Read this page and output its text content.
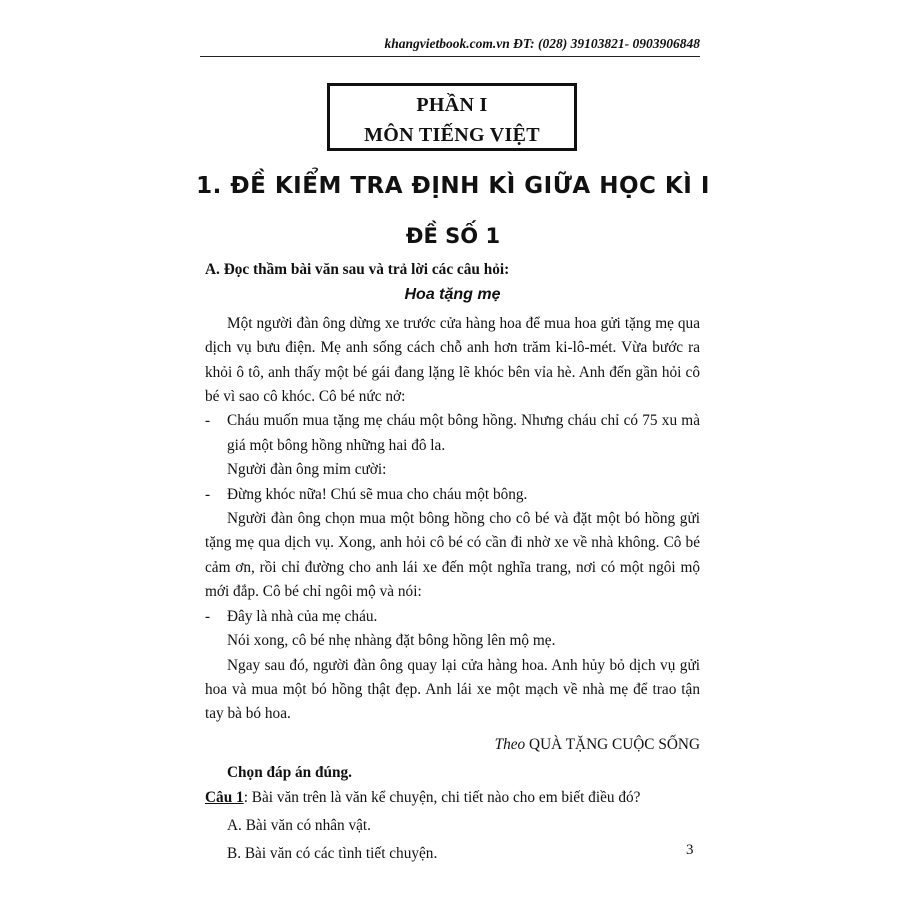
khangvietbook.com.vn ĐT: (028) 39103821- 0903906848
PHẦN I
MÔN TIẾNG VIỆT
1. ĐỀ KIỂM TRA ĐỊNH KÌ GIỮA HỌC KÌ I
ĐỀ SỐ 1

A. Đọc thầm bài văn sau và trả lời các câu hỏi:

Hoa tặng mẹ

Một người đàn ông dừng xe trước cửa hàng hoa để mua hoa gửi tặng mẹ qua dịch vụ bưu điện. Mẹ anh sống cách chỗ anh hơn trăm ki-lô-mét. Vừa bước ra khỏi ô tô, anh thấy một bé gái đang lặng lẽ khóc bên vỉa hè. Anh đến gần hỏi cô bé vì sao cô khóc. Cô bé nức nở:

-	Cháu muốn mua tặng mẹ cháu một bông hồng. Nhưng cháu chỉ có 75 xu mà giá một bông hồng những hai đô la.

Người đàn ông mỉm cười:

-	Đừng khóc nữa! Chú sẽ mua cho cháu một bông.

Người đàn ông chọn mua một bông hồng cho cô bé và đặt một bó hồng gửi tặng mẹ qua dịch vụ. Xong, anh hỏi cô bé có cần đi nhờ xe về nhà không. Cô bé cảm ơn, rồi chỉ đường cho anh lái xe đến một nghĩa trang, nơi có một ngôi mộ mới đắp. Cô bé chỉ ngôi mộ và nói:

-	Đây là nhà của mẹ cháu.

Nói xong, cô bé nhẹ nhàng đặt bông hồng lên mộ mẹ.

Ngay sau đó, người đàn ông quay lại cửa hàng hoa. Anh hủy bỏ dịch vụ gửi hoa và mua một bó hồng thật đẹp. Anh lái xe một mạch về nhà mẹ để trao tận tay bà bó hoa.

Theo QUÀ TẶNG CUỘC SỐNG

Chọn đáp án đúng.

Câu 1: Bài văn trên là văn kể chuyện, chi tiết nào cho em biết điều đó?

A. Bài văn có nhân vật.

B. Bài văn có các tình tiết chuyện.	3
